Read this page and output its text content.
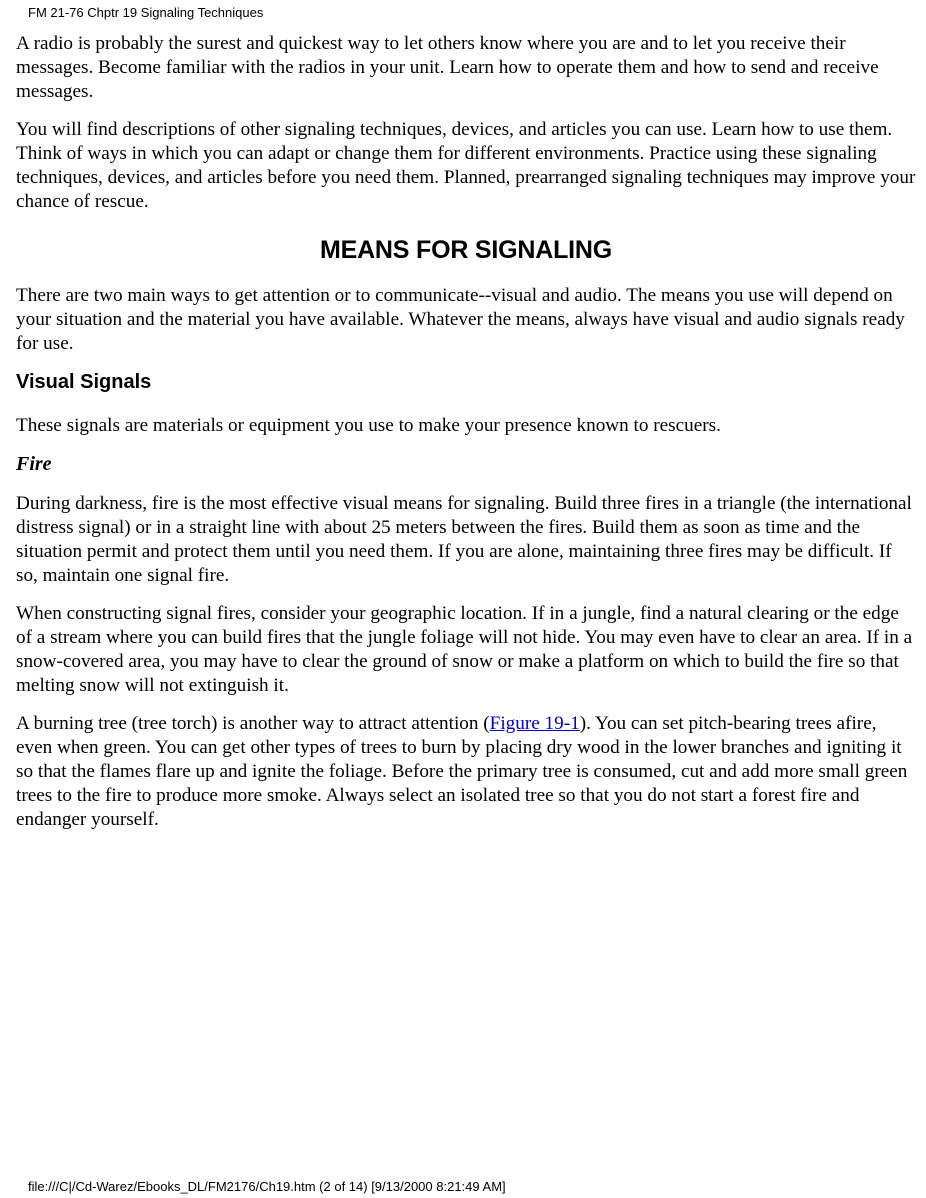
FM 21-76 Chptr 19 Signaling Techniques

A radio is probably the surest and quickest way to let others know where you are and to let you receive their messages. Become familiar with the radios in your unit. Learn how to operate them and how to send and receive messages.

You will find descriptions of other signaling techniques, devices, and articles you can use. Learn how to use them. Think of ways in which you can adapt or change them for different environments. Practice using these signaling techniques, devices, and articles before you need them. Planned, prearranged signaling techniques may improve your chance of rescue.

MEANS FOR SIGNALING

There are two main ways to get attention or to communicate--visual and audio. The means you use will depend on your situation and the material you have available. Whatever the means, always have visual and audio signals ready for use.

Visual Signals

These signals are materials or equipment you use to make your presence known to rescuers.

Fire

During darkness, fire is the most effective visual means for signaling. Build three fires in a triangle (the international distress signal) or in a straight line with about 25 meters between the fires. Build them as soon as time and the situation permit and protect them until you need them. If you are alone, maintaining three fires may be difficult. If so, maintain one signal fire.

When constructing signal fires, consider your geographic location. If in a jungle, find a natural clearing or the edge of a stream where you can build fires that the jungle foliage will not hide. You may even have to clear an area. If in a snow-covered area, you may have to clear the ground of snow or make a platform on which to build the fire so that melting snow will not extinguish it.

A burning tree (tree torch) is another way to attract attention (Figure 19-1). You can set pitch-bearing trees afire, even when green. You can get other types of trees to burn by placing dry wood in the lower branches and igniting it so that the flames flare up and ignite the foliage. Before the primary tree is consumed, cut and add more small green trees to the fire to produce more smoke. Always select an isolated tree so that you do not start a forest fire and endanger yourself.

file:///C|/Cd-Warez/Ebooks_DL/FM2176/Ch19.htm (2 of 14) [9/13/2000 8:21:49 AM]
